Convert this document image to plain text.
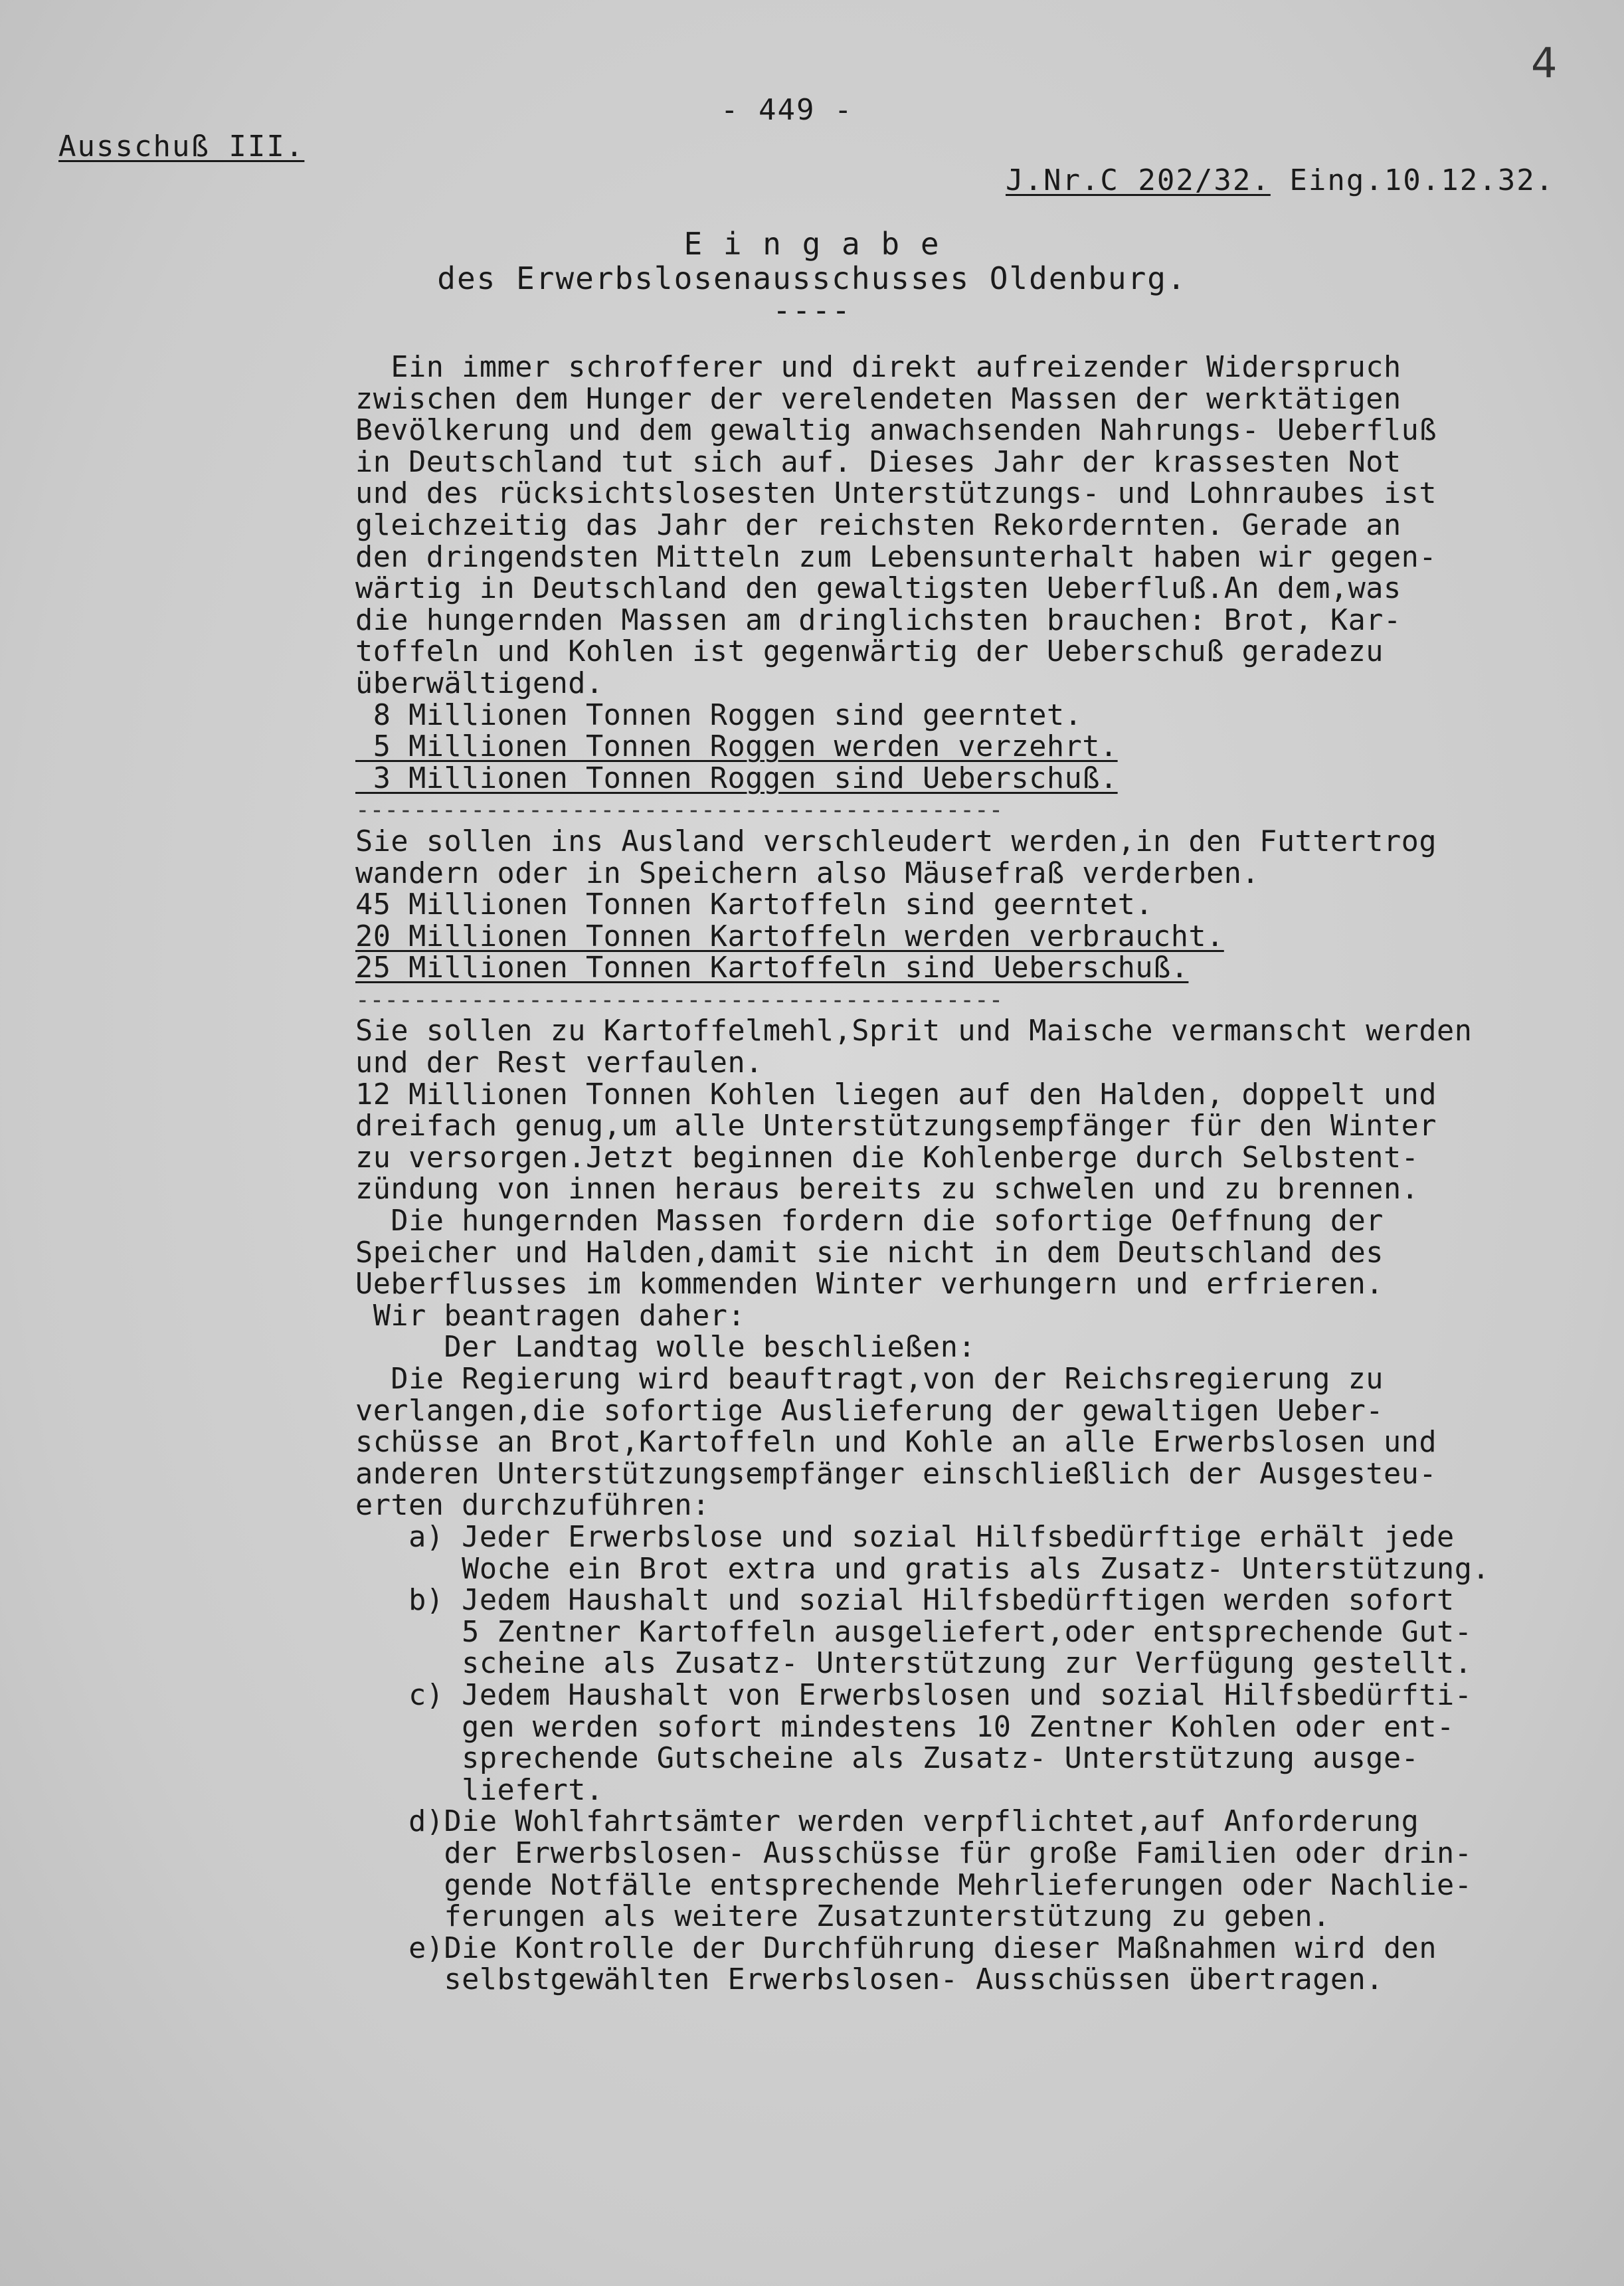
4
- 449 -
Ausschuß III.

J.Nr.C 202/32. Eing.10.12.32.

E i n g a b e
des Erwerbslosenausschusses Oldenburg.
----
Ein immer schrofferer und direkt aufreizender Widerspruch
zwischen dem Hunger der verelendeten Massen der werktätigen
Bevölkerung und dem gewaltig anwachsenden Nahrungs- Ueberfluß
in Deutschland tut sich auf. Dieses Jahr der krassesten Not
und des rücksichtslosesten Unterstützungs- und Lohnraubes ist
gleichzeitig das Jahr der reichsten Rekordernten. Gerade an
den dringendsten Mitteln zum Lebensunterhalt haben wir gegen-
wärtig in Deutschland den gewaltigsten Ueberfluß.An dem,was
die hungernden Massen am dringlichsten brauchen: Brot, Kar-
toffeln und Kohlen ist gegenwärtig der Ueberschuß geradezu
überwältigend.
8 Millionen Tonnen Roggen sind geerntet.
5 Millionen Tonnen Roggen werden verzehrt.
3 Millionen Tonnen Roggen sind Ueberschuß.
---------------------------------------------
Sie sollen ins Ausland verschleudert werden,in den Futtertrog
wandern oder in Speichern also Mäusefraß verderben.
45 Millionen Tonnen Kartoffeln sind geerntet.
20 Millionen Tonnen Kartoffeln werden verbraucht.
25 Millionen Tonnen Kartoffeln sind Ueberschuß.
---------------------------------------------
Sie sollen zu Kartoffelmehl,Sprit und Maische vermanscht werden
und der Rest verfaulen.
12 Millionen Tonnen Kohlen liegen auf den Halden, doppelt und
dreifach genug,um alle Unterstützungsempfänger für den Winter
zu versorgen.Jetzt beginnen die Kohlenberge durch Selbstent-
zündung von innen heraus bereits zu schwelen und zu brennen.
Die hungernden Massen fordern die sofortige Oeffnung der
Speicher und Halden,damit sie nicht in dem Deutschland des
Ueberflusses im kommenden Winter verhungern und erfrieren.
Wir beantragen daher:
Der Landtag wolle beschließen:
Die Regierung wird beauftragt,von der Reichsregierung zu
verlangen,die sofortige Auslieferung der gewaltigen Ueber-
schüsse an Brot,Kartoffeln und Kohle an alle Erwerbslosen und
anderen Unterstützungsempfänger einschließlich der Ausgesteu-
erten durchzuführen:
a) Jeder Erwerbslose und sozial Hilfsbedürftige erhält jede
Woche ein Brot extra und gratis als Zusatz- Unterstützung.
b) Jedem Haushalt und sozial Hilfsbedürftigen werden sofort
5 Zentner Kartoffeln ausgeliefert,oder entsprechende Gut-
scheine als Zusatz- Unterstützung zur Verfügung gestellt.
c) Jedem Haushalt von Erwerbslosen und sozial Hilfsbedürfti-
gen werden sofort mindestens 10 Zentner Kohlen oder ent-
sprechende Gutscheine als Zusatz- Unterstützung ausge-
liefert.
d)Die Wohlfahrtsämter werden verpflichtet,auf Anforderung
der Erwerbslosen- Ausschüsse für große Familien oder drin-
gende Notfälle entsprechende Mehrlieferungen oder Nachlie-
ferungen als weitere Zusatzunterstützung zu geben.
e)Die Kontrolle der Durchführung dieser Maßnahmen wird den
selbstgewählten Erwerbslosen- Ausschüssen übertragen.
